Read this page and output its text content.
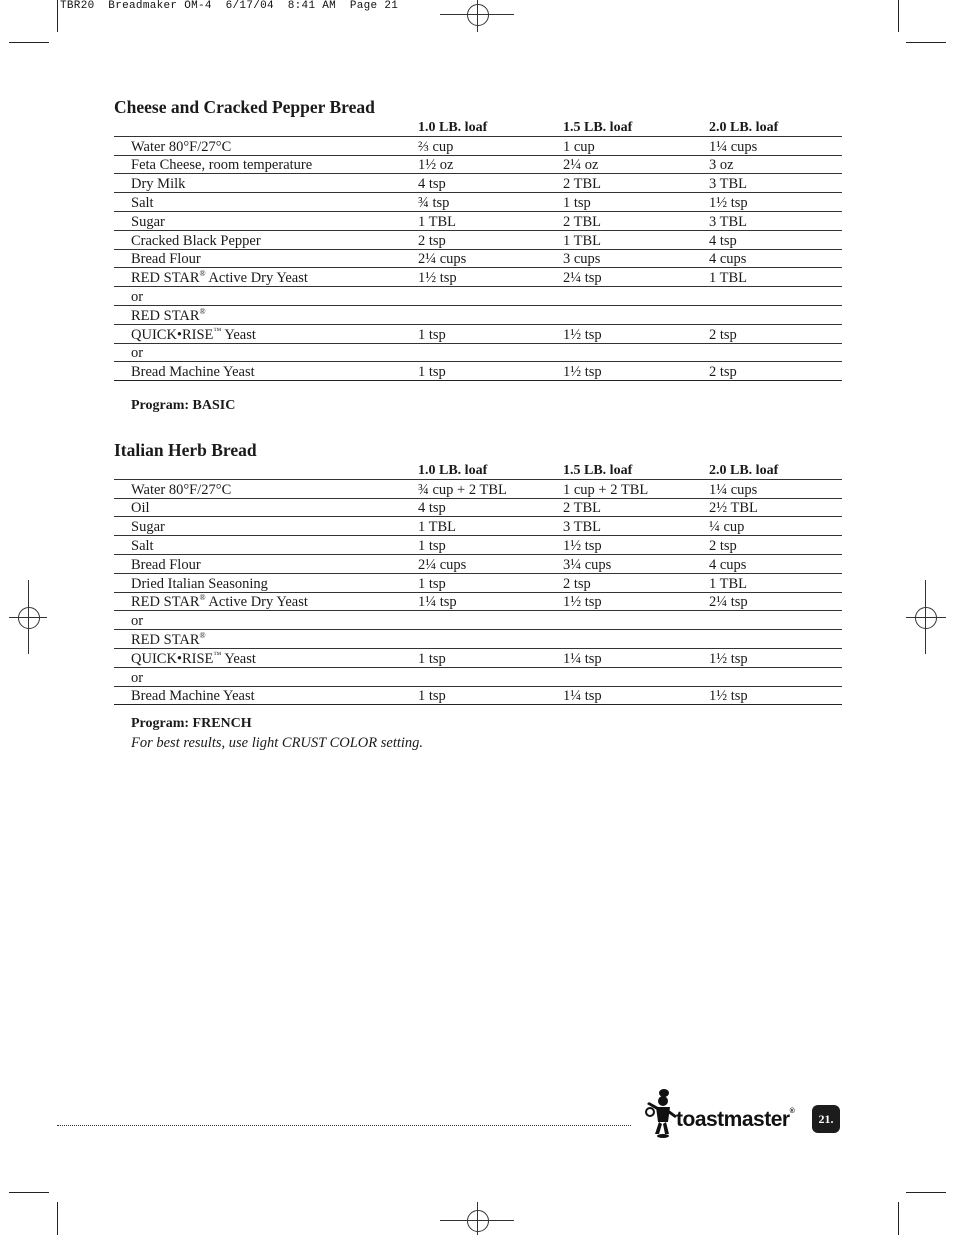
TBR20  Breadmaker OM-4  6/17/04  8:41 AM  Page 21
Cheese and Cracked Pepper Bread
	1.0 LB. loaf	1.5 LB. loaf	2.0 LB. loaf
Water 80°F/27°C	⅔ cup	1 cup	1¼ cups
Feta Cheese, room temperature	1½ oz	2¼ oz	3 oz
Dry Milk	4 tsp	2 TBL	3 TBL
Salt	¾ tsp	1 tsp	1½ tsp
Sugar	1 TBL	2 TBL	3 TBL
Cracked Black Pepper	2 tsp	1 TBL	4 tsp
Bread Flour	2¼ cups	3 cups	4 cups
RED STAR® Active Dry Yeast	1½ tsp	2¼ tsp	1 TBL
or			
RED STAR®			
QUICK•RISE™ Yeast	1 tsp	1½ tsp	2 tsp
or			
Bread Machine Yeast	1 tsp	1½ tsp	2 tsp
Program: BASIC
Italian Herb Bread
	1.0 LB. loaf	1.5 LB. loaf	2.0 LB. loaf
Water 80°F/27°C	¾ cup + 2 TBL	1 cup + 2 TBL	1¼ cups
Oil	4 tsp	2 TBL	2½ TBL
Sugar	1 TBL	3 TBL	¼ cup
Salt	1 tsp	1½ tsp	2 tsp
Bread Flour	2¼ cups	3¼ cups	4 cups
Dried Italian Seasoning	1 tsp	2 tsp	1 TBL
RED STAR® Active Dry Yeast	1¼ tsp	1½ tsp	2¼ tsp
or			
RED STAR®			
QUICK•RISE™ Yeast	1 tsp	1¼ tsp	1½ tsp
or			
Bread Machine Yeast	1 tsp	1¼ tsp	1½ tsp
Program: FRENCH
For best results, use light CRUST COLOR setting.
toastmaster®	21.
